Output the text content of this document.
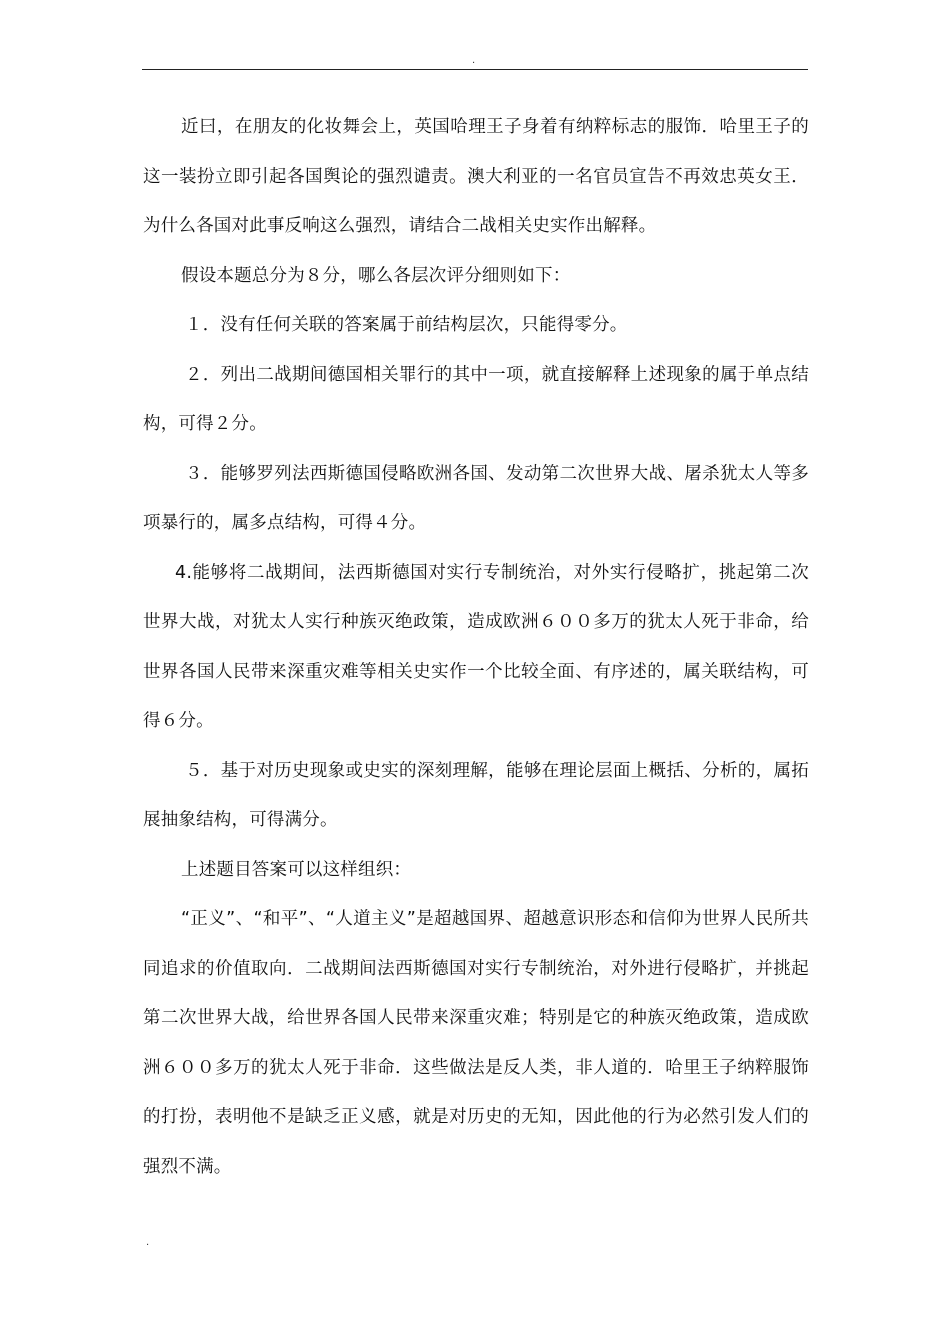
.

近曰，在朋友的化妆舞会上，英国哈理王子身着有纳粹标志的服饰．哈里王子的这一装扮立即引起各国舆论的强烈谴责。澳大利亚的一名官员宣告不再效忠英女王．为什么各国对此事反响这么强烈，请结合二战相关史实作出解释。

假设本题总分为８分，哪么各层次评分细则如下：

１．没有任何关联的答案属于前结构层次，只能得零分。

２．列出二战期间德国相关罪行的其中一项，就直接解释上述现象的属于单点结构，可得２分。

３．能够罗列法西斯德国侵略欧洲各国、发动第二次世界大战、屠杀犹太人等多项暴行的，属多点结构，可得４分。

4.能够将二战期间，法西斯德国对实行专制统治，对外实行侵略扩，挑起第二次世界大战，对犹太人实行种族灭绝政策，造成欧洲６００多万的犹太人死于非命，给世界各国人民带来深重灾难等相关史实作一个比较全面、有序述的，属关联结构，可得６分。

５．基于对历史现象或史实的深刻理解，能够在理论层面上概括、分析的，属拓展抽象结构，可得满分。

上述题目答案可以这样组织：

“正义”、“和平”、“人道主义”是超越国界、超越意识形态和信仰为世界人民所共同追求的价值取向．二战期间法西斯德国对实行专制统治，对外进行侵略扩，并挑起第二次世界大战，给世界各国人民带来深重灾难；特别是它的种族灭绝政策，造成欧洲６００多万的犹太人死于非命．这些做法是反人类，非人道的．哈里王子纳粹服饰的打扮，表明他不是缺乏正义感，就是对历史的无知，因此他的行为必然引发人们的强烈不满。

.
